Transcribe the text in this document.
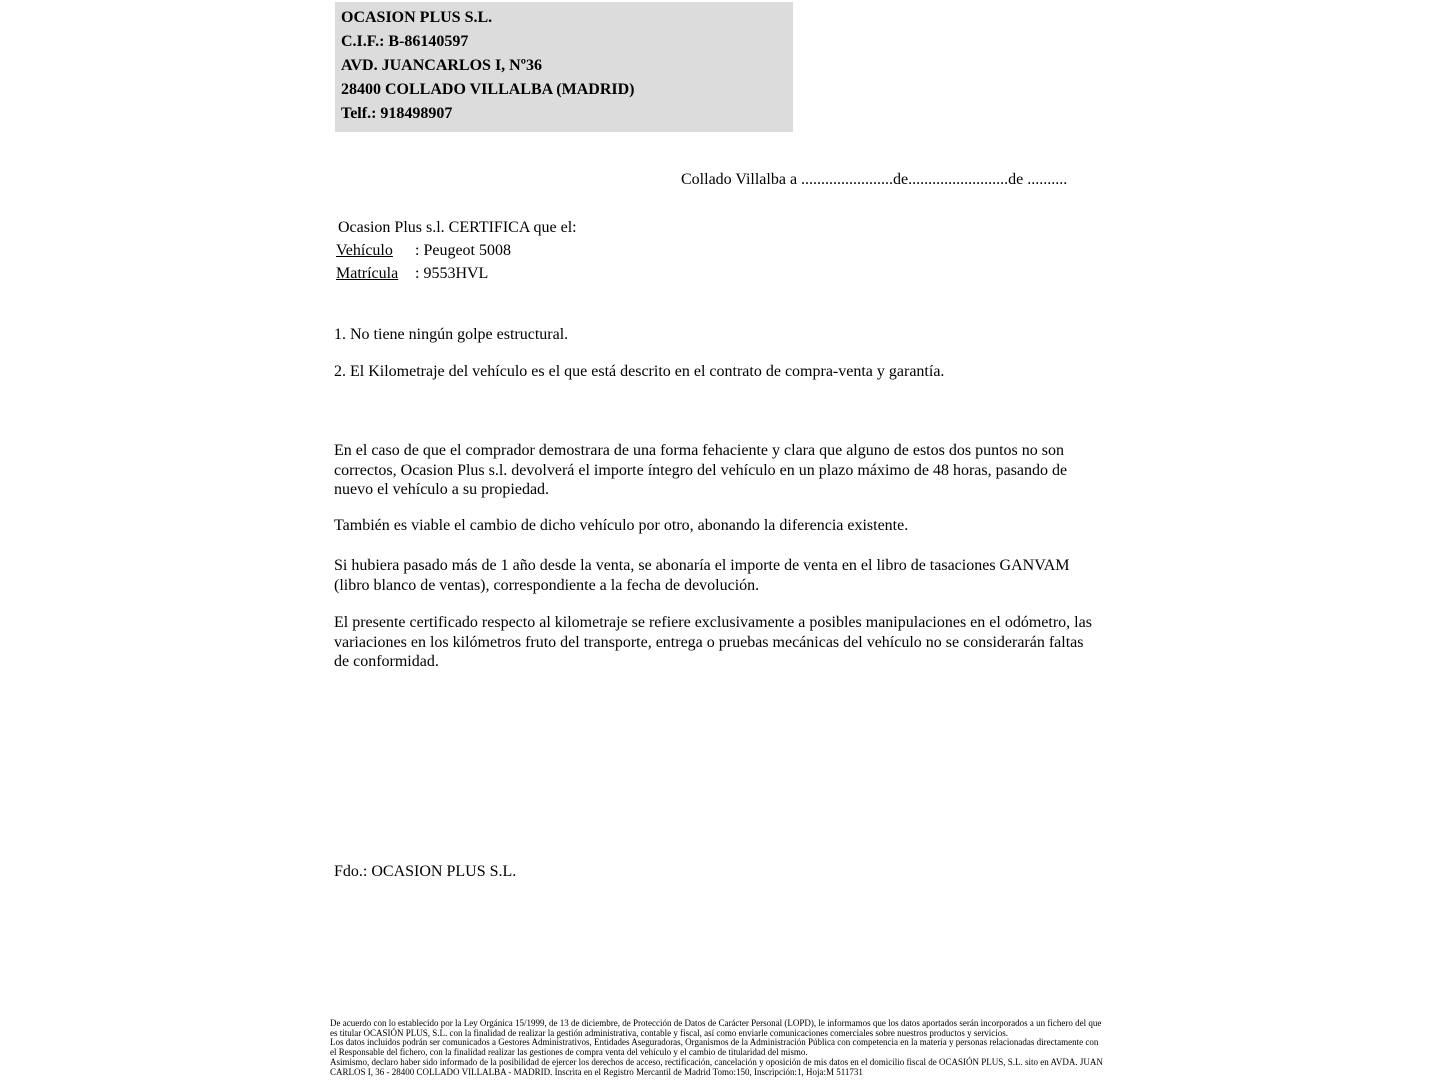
OCASION PLUS S.L.
C.I.F.: B-86140597
AVD. JUANCARLOS I, Nº36
28400 COLLADO VILLALBA (MADRID)
Telf.: 918498907
Collado Villalba a .......................de.........................de ..........
Ocasion Plus s.l. CERTIFICA que el:
Vehículo : Peugeot 5008
Matrícula : 9553HVL
1. No tiene ningún golpe estructural.
2. El Kilometraje del vehículo es el que está descrito en el contrato de compra-venta y garantía.
En el caso de que el comprador demostrara de una forma fehaciente y clara que alguno de estos dos puntos no son correctos, Ocasion Plus s.l. devolverá el importe íntegro del vehículo en un plazo máximo de 48 horas, pasando de nuevo el vehículo a su propiedad.
También es viable el cambio de dicho vehículo por otro, abonando la diferencia existente.
Si hubiera pasado más de 1 año desde la venta, se abonaría el importe de venta en el libro de tasaciones GANVAM (libro blanco de ventas), correspondiente a la fecha de devolución.
El presente certificado respecto al kilometraje se refiere exclusivamente a posibles manipulaciones en el odómetro, las variaciones en los kilómetros fruto del transporte, entrega o pruebas mecánicas del vehículo no se considerarán faltas de conformidad.
Fdo.: OCASION PLUS S.L.
De acuerdo con lo establecido por la Ley Orgánica 15/1999, de 13 de diciembre, de Protección de Datos de Carácter Personal (LOPD), le informamos que los datos aportados serán incorporados a un fichero del que es titular OCASIÓN PLUS, S.L. con la finalidad de realizar la gestión administrativa, contable y fiscal, así como enviarle comunicaciones comerciales sobre nuestros productos y servicios.
Los datos incluidos podrán ser comunicados a Gestores Administrativos, Entidades Aseguradoras, Organismos de la Administración Pública con competencia en la materia y personas relacionadas directamente con el Responsable del fichero, con la finalidad realizar las gestiones de compra venta del vehículo y el cambio de titularidad del mismo.
Asimismo, declaro haber sido informado de la posibilidad de ejercer los derechos de acceso, rectificación, cancelación y oposición de mis datos en el domicilio fiscal de OCASIÓN PLUS, S.L. sito en AVDA. JUAN CARLOS I, 36 - 28400 COLLADO VILLALBA - MADRID. Inscrita en el Registro Mercantil de Madrid Tomo:150, Inscripción:1, Hoja:M 511731
